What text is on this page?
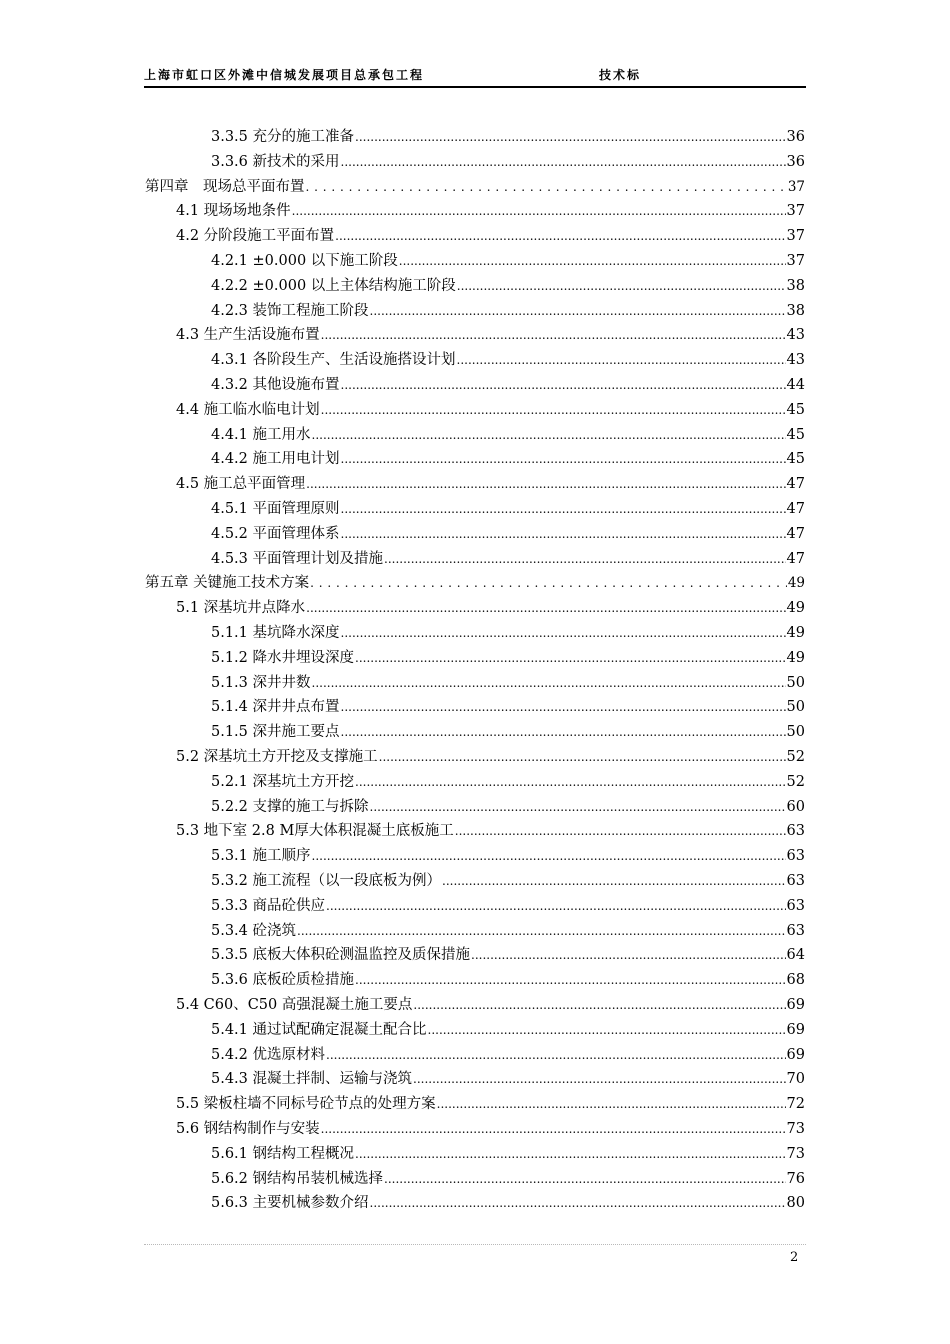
上海市虹口区外滩中信城发展项目总承包工程	技术标
3.3.5 充分的施工准备 .....	36
3.3.6 新技术的采用 .....	36
第四章　现场总平面布置 . . .	37
4.1 现场场地条件 .....	37
4.2 分阶段施工平面布置 .....	37
4.2.1 ±0.000 以下施工阶段 .....	37
4.2.2 ±0.000 以上主体结构施工阶段 .....	38
4.2.3 装饰工程施工阶段 .....	38
4.3 生产生活设施布置 .....	43
4.3.1 各阶段生产、生活设施搭设计划 .....	43
4.3.2 其他设施布置 .....	44
4.4 施工临水临电计划 .....	45
4.4.1 施工用水 .....	45
4.4.2 施工用电计划 .....	45
4.5 施工总平面管理 .....	47
4.5.1 平面管理原则 .....	47
4.5.2 平面管理体系 .....	47
4.5.3 平面管理计划及措施 .....	47
第五章 关键施工技术方案 . . .	49
5.1 深基坑井点降水 .....	49
5.1.1 基坑降水深度 .....	49
5.1.2 降水井埋设深度 .....	49
5.1.3 深井井数 .....	50
5.1.4 深井井点布置 .....	50
5.1.5 深井施工要点 .....	50
5.2 深基坑土方开挖及支撑施工 .....	52
5.2.1 深基坑土方开挖 .....	52
5.2.2 支撑的施工与拆除 .....	60
5.3 地下室 2.8 M厚大体积混凝土底板施工 .....	63
5.3.1 施工顺序 .....	63
5.3.2 施工流程（以一段底板为例） .....	63
5.3.3 商品砼供应 .....	63
5.3.4 砼浇筑 .....	63
5.3.5 底板大体积砼测温监控及质保措施 .....	64
5.3.6 底板砼质检措施 .....	68
5.4 C60、C50 高强混凝土施工要点 .....	69
5.4.1 通过试配确定混凝土配合比 .....	69
5.4.2 优选原材料 .....	69
5.4.3 混凝土拌制、运输与浇筑 .....	70
5.5 梁板柱墙不同标号砼节点的处理方案 .....	72
5.6 钢结构制作与安装 .....	73
5.6.1 钢结构工程概况 .....	73
5.6.2 钢结构吊装机械选择 .....	76
5.6.3 主要机械参数介绍 .....	80
2
